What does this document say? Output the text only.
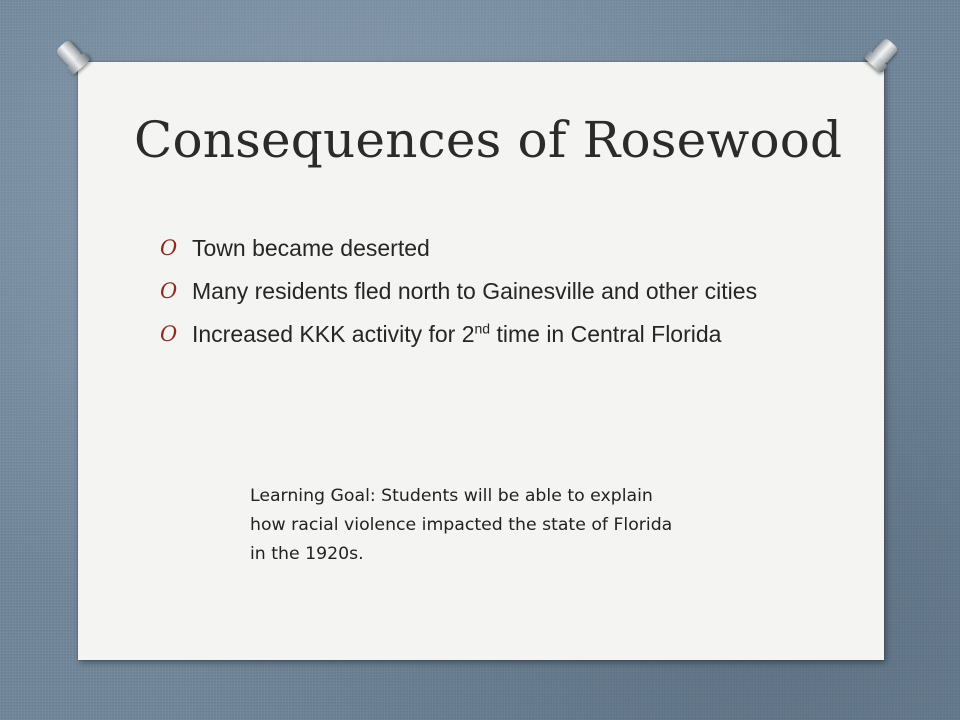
Consequences of Rosewood
O Town became deserted
O Many residents fled north to Gainesville and other cities
O Increased KKK activity for 2nd time in Central Florida

Learning Goal: Students will be able to explain how racial violence impacted the state of Florida in the 1920s.
